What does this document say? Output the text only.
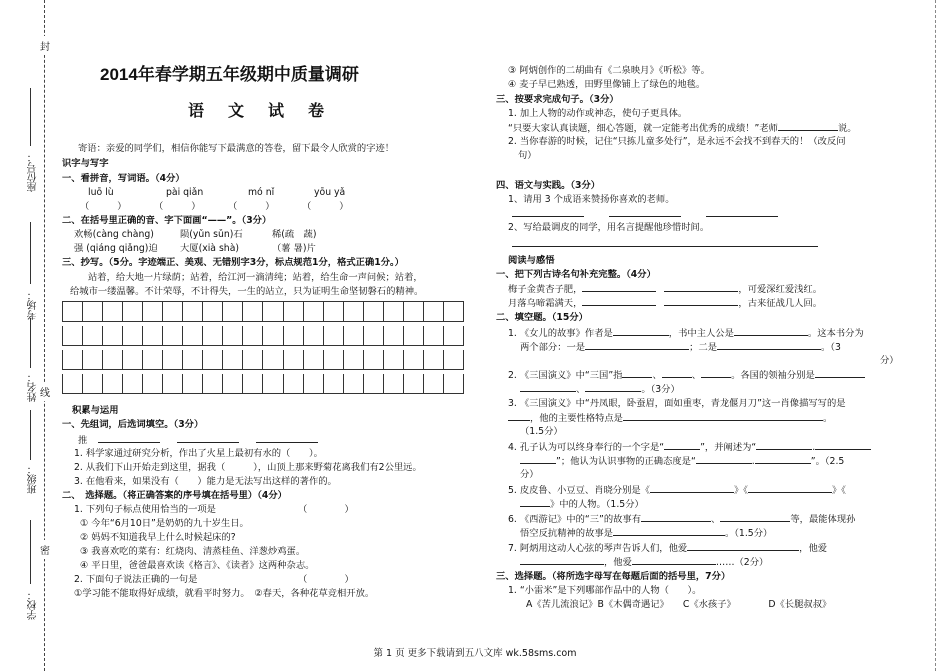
封
线
密
座位号：
考场：
姓名：
班级：
学校：
2014年春学期五年级期中质量调研
语文试卷
寄语：亲爱的同学们，相信你能写下最满意的答卷，留下最令人欣赏的字迹！
识字与写字
一、看拼音，写词语。（4分）
luō lù	pài qiǎn	mó nǐ	yōu yǎ
（　　　）	（　　　）	（　　　）	（　　　）
二、在括号里正确的音、字下面画“——”。（3分）
欢畅(càng chàng)	陨(yǔn sǔn)石	稀(疏　蔬)
强 (qiáng qiǎng)迫 大厦(xià shà)	（薯 暑)片
三、抄写。（5分。字迹端正、美观、无错别字3分，标点规范1分，格式正确1分。）
站着，给大地一片绿荫；站着，给江河一滴清纯；站着，给生命一声问候；站着，
给城市一缕温馨。不计荣辱，不计得失，一生的站立，只为证明生命坚韧磐石的精神。
积累与运用
一、先组词，后选词填空。（3分）
推
1. 科学家通过研究分析，作出了火星上最初有水的（　　）。
2. 从我们下山开始走到这里，据我（　　　），山顶上那来野菊花离我们有2公里远。
3. 在他看来，如果没有（　　）能力是无法写出这样的著作的。
二、　选择题。（将正确答案的序号填在括号里）（4分）
1. 下列句子标点使用恰当的一项是	（　　　　）
① 今年“6月10日”是奶奶的九十岁生日。
② 妈妈不知道我早上什么时候起床的?
③ 我喜欢吃的菜有：红烧肉、清蒸桂鱼、洋葱炒鸡蛋。
④ 平日里，爸爸最喜欢读《格言》、《读者》这两种杂志。
2. 下面句子说法正确的一句是	（　　　　）
①学习能不能取得好成绩，就看平时努力。　②春天，各种花草竞相开放。
③ 阿炳创作的二胡曲有《二泉映月》《听松》等。
④ 麦子早已熟透，田野里像铺上了绿色的地毯。
三、按要求完成句子。（3分）
1. 加上人物的动作或神态，使句子更具体。
“只要大家认真读题，细心答题，就一定能考出优秀的成绩！”老师	说。
2. 当你春游的时候，记住“只拣儿童多处行”，是永远不会找不到春天的！（改反问
句）
四、语文与实践。（3分）
1、请用 3 个成语来赞扬你喜欢的老师。

2、写给最调皮的同学，用名言提醒他珍惜时间。
阅读与感悟
一、把下列古诗名句补充完整。（4分）
梅子金黄杏子肥，	，可爱深红爱浅红。
月落乌啼霜满天，	，古来征战几人回。
二、填空题。（15分）
1. 《女儿的故事》作者是	，书中主人公是	。这本书分为
两个部分：一是	；二是	。（3
分）
2. 《三国演义》中“三国”指	、	、	。各国的领袖分别是
、	。（3分）
3. 《三国演义》中“丹凤眼，卧蚕眉，面如重枣，青龙偃月刀”这一肖像描写写的是
，他的主要性格特点是	。
（1.5分）
4. 孔子认为可以终身奉行的一个字是“	”，并阐述为“	.
”；他认为认识事物的正确态度是“	.	”。（2.5
分）
5. 皮皮鲁、小豆豆、肖晓分别是《	》《	》《
》中的人物。（1.5分）
6. 《西游记》中的“三”的故事有	、	等，最能体现孙
悟空反抗精神的故事是	。（1.5分）
7. 阿炳用这动人心弦的琴声告诉人们，他爱	，他爱
，他爱	……（2分）
三、选择题。（将所选字母写在每题后面的括号里，7分）
1. “小雷米”是下列哪部作品中的人物（　　）。
A《苦儿流浪记》B《木偶奇遇记》　　C《水孩子》　　　　D《长腿叔叔》
第 1 页 更多下载请到五八文库 wk.58sms.com
